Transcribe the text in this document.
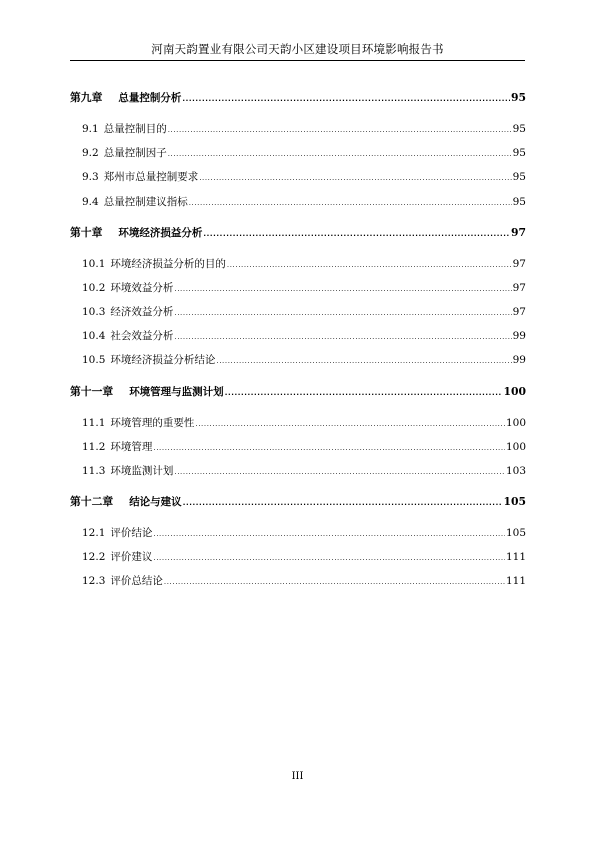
河南天韵置业有限公司天韵小区建设项目环境影响报告书
III
第九章 总量控制分析 .....	95
9.1 总量控制目的 .....	95
9.2 总量控制因子 .....	95
9.3 郑州市总量控制要求 .....	95
9.4 总量控制建议指标 .....	95
第十章 环境经济损益分析 .....	97
10.1 环境经济损益分析的目的 .....	97
10.2 环境效益分析 .....	97
10.3 经济效益分析 .....	97
10.4 社会效益分析 .....	99
10.5 环境经济损益分析结论 .....	99
第十一章 环境管理与监测计划 .....	100
11.1 环境管理的重要性 .....	100
11.2 环境管理 .....	100
11.3 环境监测计划 .....	103
第十二章 结论与建议 .....	105
12.1 评价结论 .....	105
12.2 评价建议 .....	111
12.3 评价总结论 .....	111
